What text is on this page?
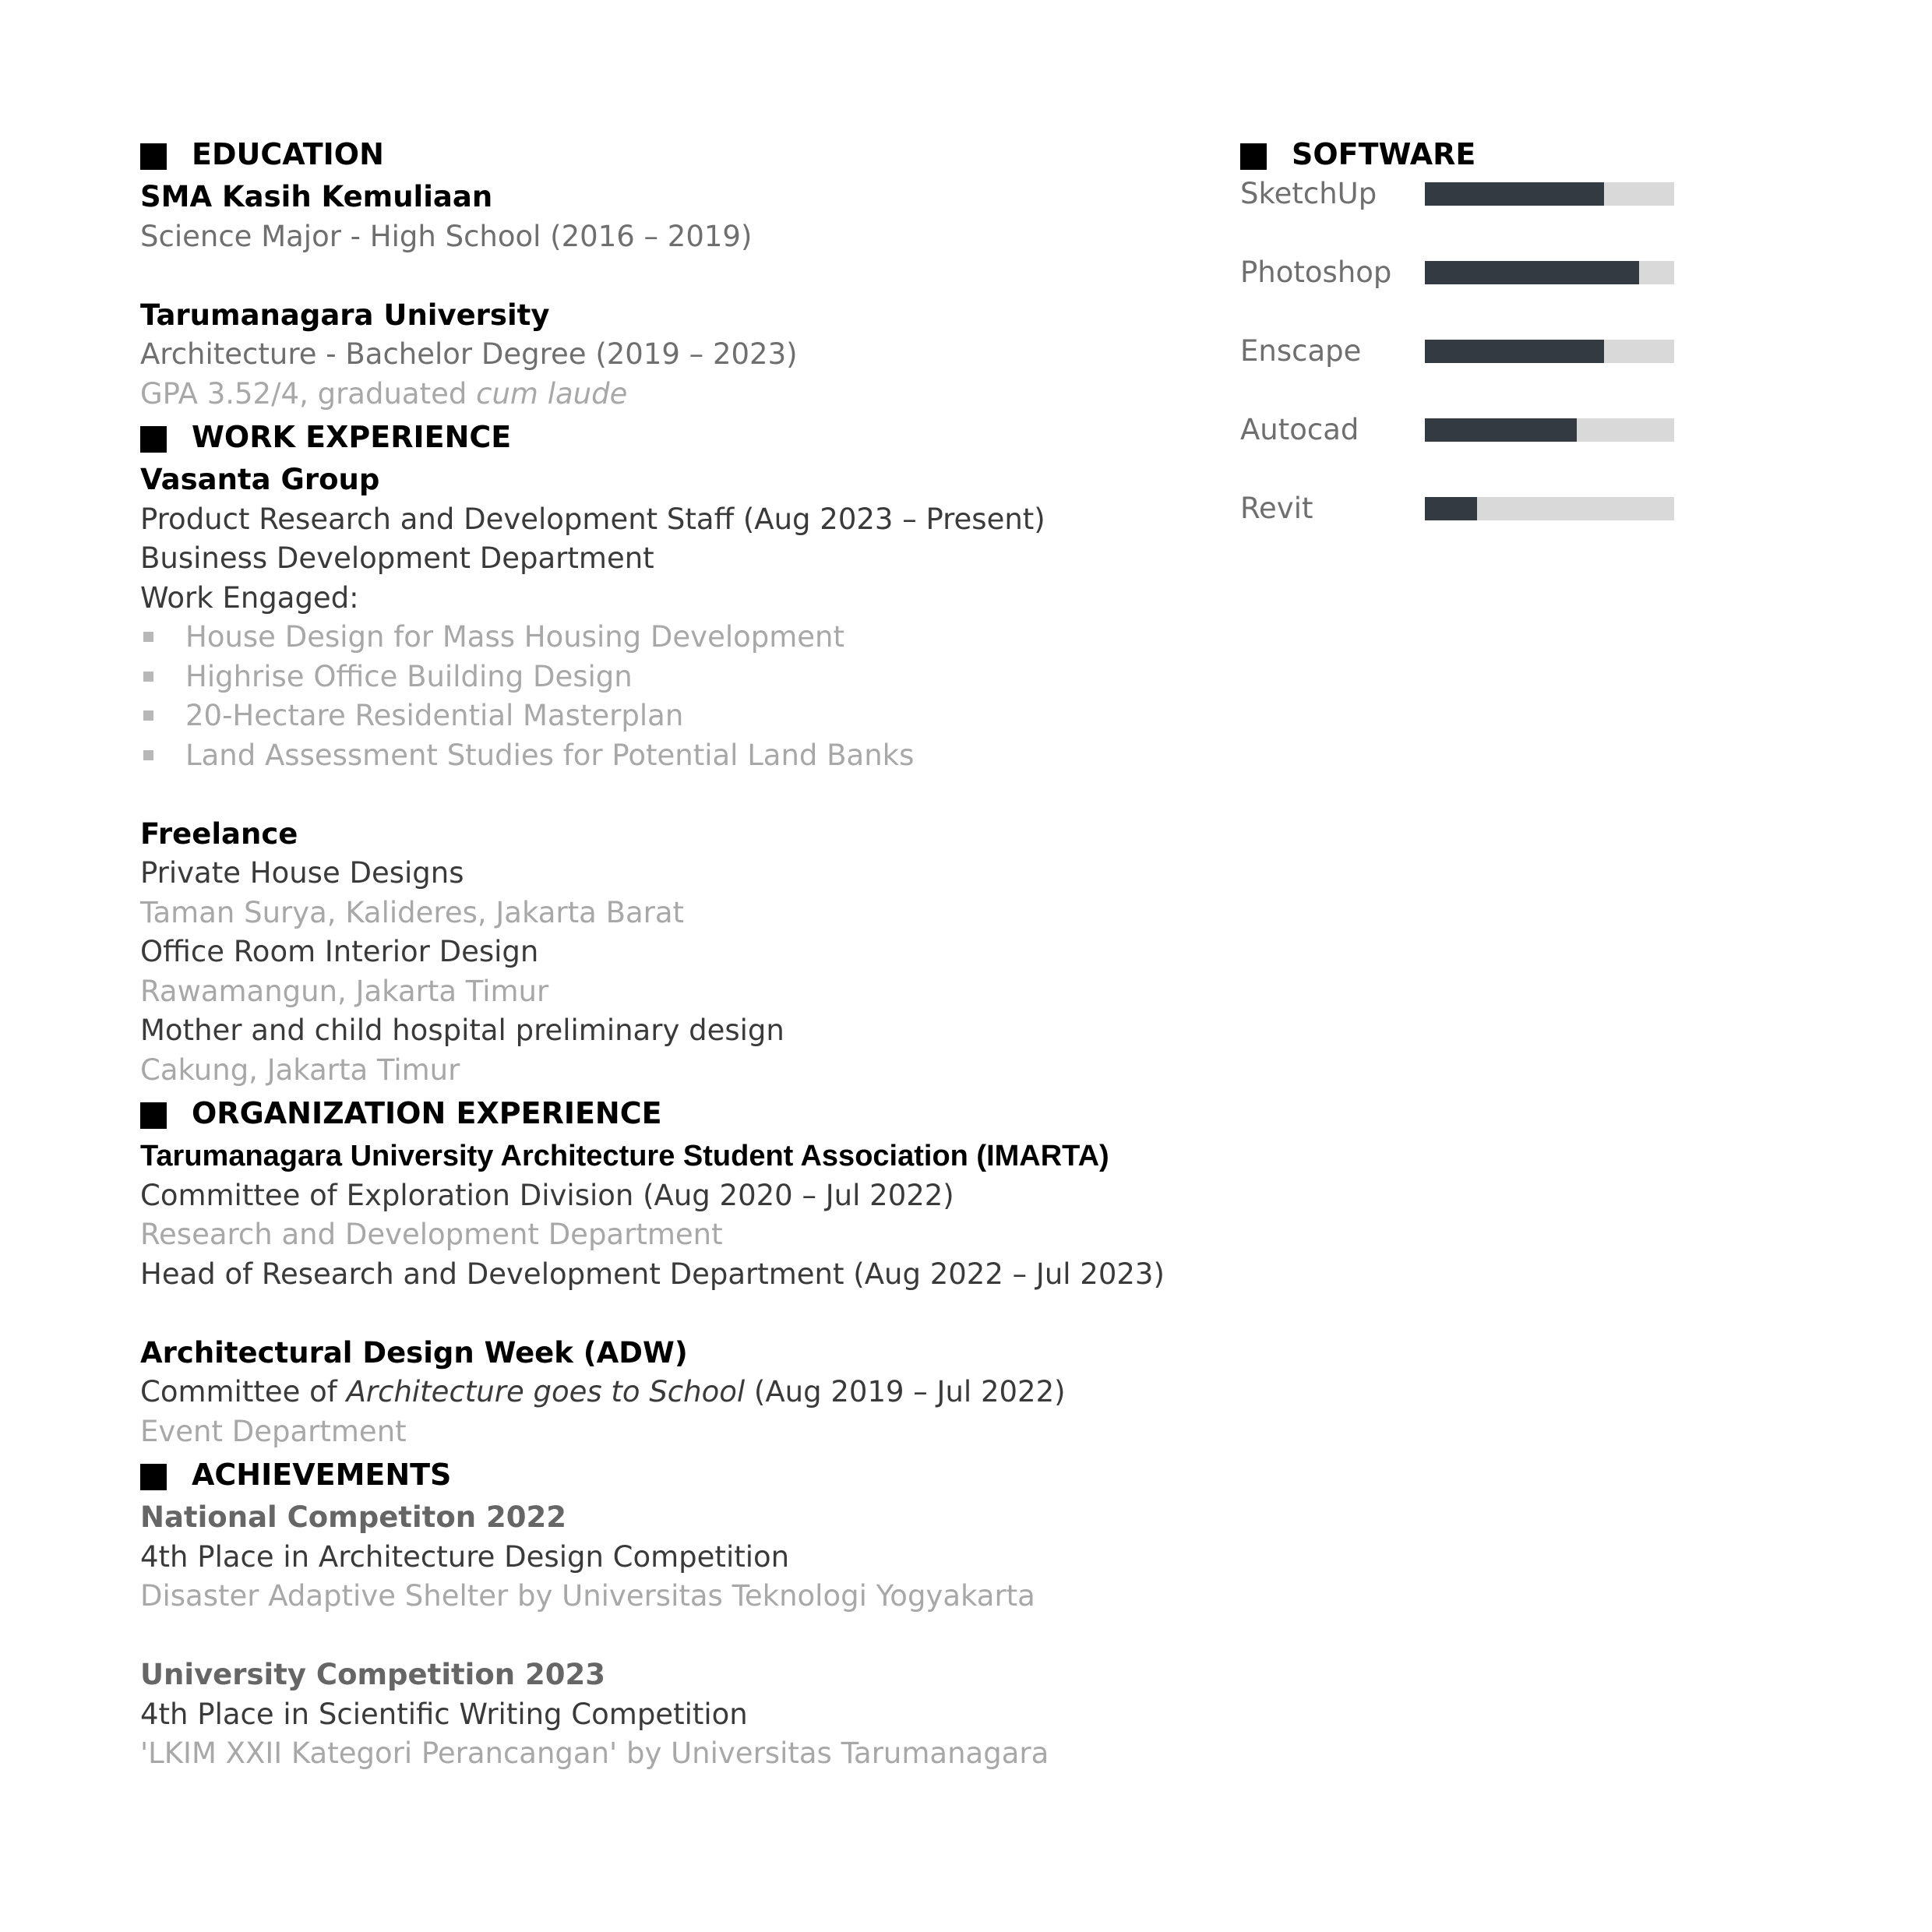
EDUCATION
SMA Kasih Kemuliaan
Science Major - High School (2016 – 2019)
Tarumanagara University
Architecture - Bachelor Degree (2019 – 2023)
GPA 3.52/4, graduated cum laude
WORK EXPERIENCE
Vasanta Group
Product Research and Development Staff (Aug 2023 – Present)
Business Development Department
Work Engaged:
House Design for Mass Housing Development
Highrise Office Building Design
20-Hectare Residential Masterplan
Land Assessment Studies for Potential Land Banks
Freelance
Private House Designs
Taman Surya, Kalideres, Jakarta Barat
Office Room Interior Design
Rawamangun, Jakarta Timur
Mother and child hospital preliminary design
Cakung, Jakarta Timur
ORGANIZATION EXPERIENCE
Tarumanagara University Architecture Student Association (IMARTA)
Committee of Exploration Division (Aug 2020 – Jul 2022)
Research and Development Department
Head of Research and Development Department (Aug 2022 – Jul 2023)
Architectural Design Week (ADW)
Committee of Architecture goes to School (Aug 2019 – Jul 2022)
Event Department
ACHIEVEMENTS
National Competiton 2022
4th Place in Architecture Design Competition
Disaster Adaptive Shelter by Universitas Teknologi Yogyakarta
University Competition 2023
4th Place in Scientific Writing Competition
'LKIM XXII Kategori Perancangan' by Universitas Tarumanagara
SOFTWARE
SketchUp
Photoshop
Enscape
Autocad
Revit
